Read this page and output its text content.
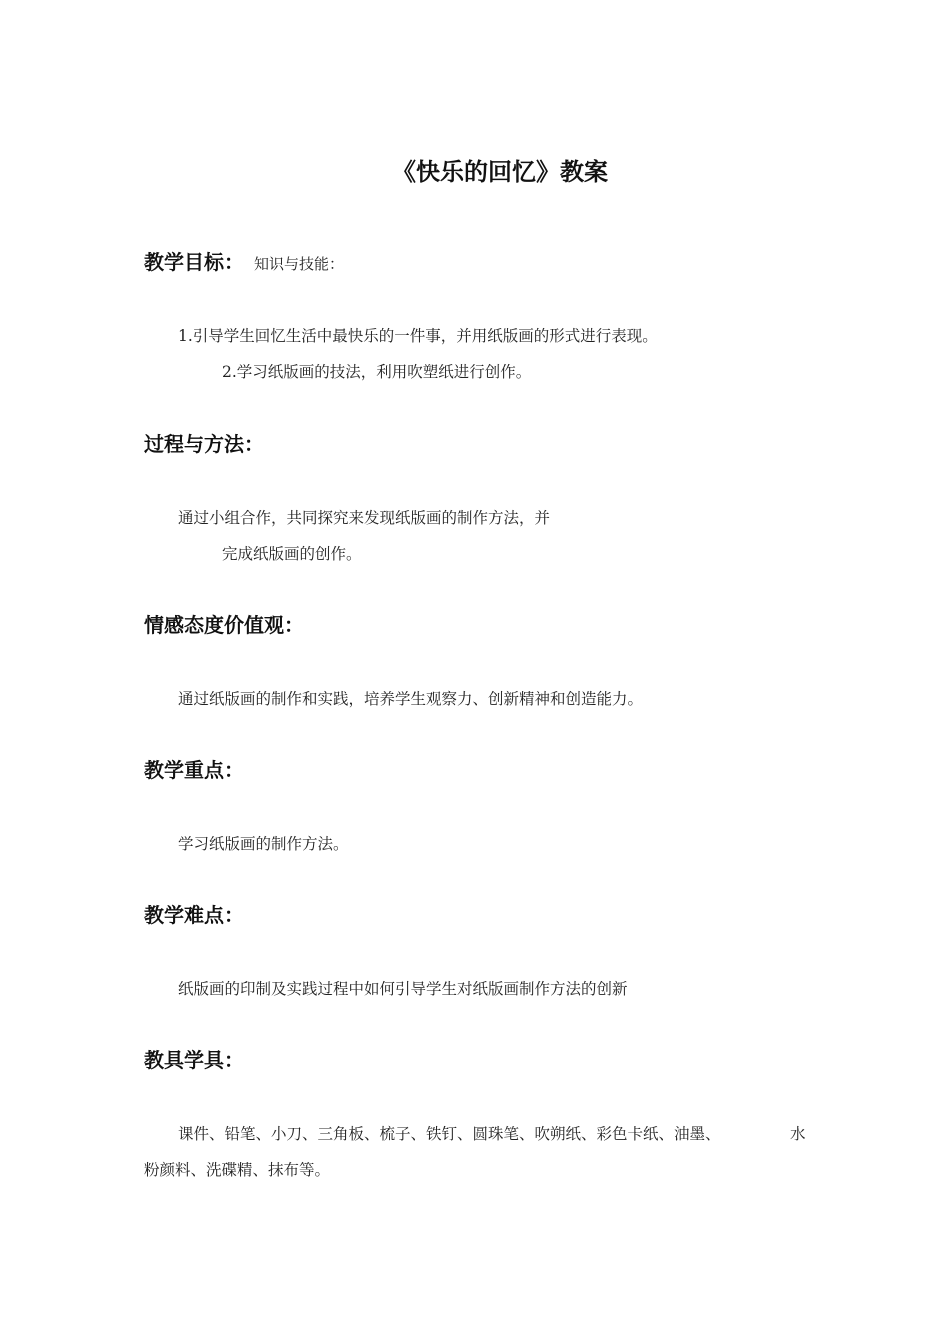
《快乐的回忆》教案
教学目标： 知识与技能：
1.引导学生回忆生活中最快乐的一件事，并用纸版画的形式进行表现。
2.学习纸版画的技法，利用吹塑纸进行创作。
过程与方法：
通过小组合作，共同探究来发现纸版画的制作方法，并
完成纸版画的创作。
情感态度价值观：
通过纸版画的制作和实践，培养学生观察力、创新精神和创造能力。
教学重点：
学习纸版画的制作方法。
教学难点：
纸版画的印制及实践过程中如何引导学生对纸版画制作方法的创新
教具学具：
课件、铅笔、小刀、三角板、梳子、铁钉、圆珠笔、吹朔纸、彩色卡纸、油墨、	水
粉颜料、洗碟精、抹布等。
